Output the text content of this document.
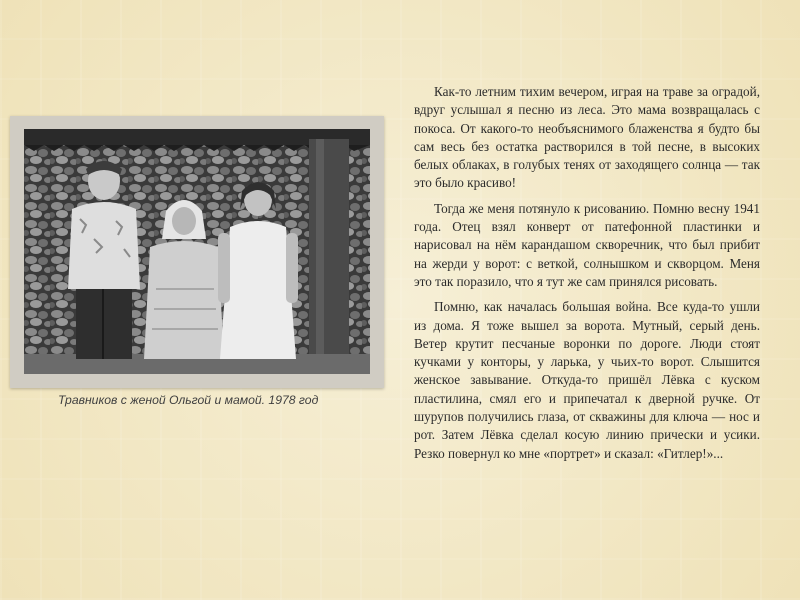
Травников с женой Ольгой и мамой. 1978 год

Как-то летним тихим вечером, играя на траве за оградой, вдруг услышал я песню из леса. Это мама возвращалась с покоса. От какого-то необъяснимого блаженства я будто бы сам весь без остатка растворился в той песне, в высоких белых облаках, в голубых тенях от заходящего солнца — так это было красиво!

Тогда же меня потянуло к рисованию. Помню весну 1941 года. Отец взял конверт от патефонной пластинки и нарисовал на нём карандашом скворечник, что был прибит на жерди у ворот: с веткой, солнышком и скворцом. Меня это так поразило, что я тут же сам принялся рисовать.

Помню, как началась большая война. Все куда-то ушли из дома. Я тоже вышел за ворота. Мутный, серый день. Ветер крутит песчаные воронки по дороге. Люди стоят кучками у конторы, у ларька, у чьих-то ворот. Слышится женское завывание. Откуда-то пришёл Лёвка с куском пластилина, смял его и припечатал к дверной ручке. От шурупов получились глаза, от скважины для ключа — нос и рот. Затем Лёвка сделал косую линию прически и усики. Резко повернул ко мне «портрет» и сказал: «Гитлер!»...
